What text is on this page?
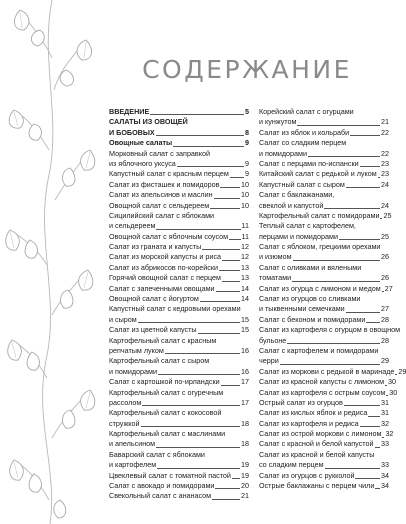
СОДЕРЖАНИЕ
ВВЕДЕНИЕ	5
САЛАТЫ ИЗ ОВОЩЕЙ
И БОБОВЫХ	8
Овощные салаты	9
Морковный салат с заправкой
из яблочного уксуса	9
Капустный салат с красным перцем 9
Салат из фисташек и помидоров	10
Салат из апельсинов и маслин	10
Овощной салат с сельдереем	10
Сицилийский салат с яблоками
и сельдереем	11
Овощной салат с яблочным соусом 11
Салат из граната и капусты	12
Салат из морской капусты и риса	12
Салат из абрикосов по-корейски	13
Горячий овощной салат с перцем	13
Салат с запеченными овощами	14
Овощной салат с йогуртом	14
Капустный салат с кедровыми орехами
и сыром	15
Салат из цветной капусты	15
Картофельный салат с красным
репчатым луком	16
Картофельный салат с сыром
и помидорами	16
Салат с картошкой по-ирландски	17
Картофельный салат с огуречным
рассолом	17
Картофельный салат с кокосовой
стружкой	18
Картофельный салат с маслинами
и апельсином	18
Баварский салат с яблоками
и картофелем	19
Цвеклевый салат с томатной пастой 19
Салат с авокадо и помидорами	20
Свекольный салат с ананасом	21
Корейский салат с огурцами
и кунжутом	21
Салат из яблок и кольраби	22
Салат со сладким перцем
и помидорами	22
Салат с перцами по-испански	23
Китайский салат с редькой и луком 23
Капустный салат с сыром	24
Салат с баклажанами,
свеклой и капустой	24
Картофельный салат с помидорами 25
Теплый салат с картофелем,
перцами и помидорами	25
Салат с яблоком, грецкими орехами
и изюмом	26
Салат с оливками и вялеными
томатами	26
Салат из огурца с лимоном и медом 27
Салат из огурцов со сливками
и тыквенными семечками	27
Салат с беконом и помидорами 28
Салат из картофеля с огурцом в овощном
бульоне	28
Салат с картофелем и помидорами
черри	29
Салат из моркови с редькой в маринаде 29
Салат из красной капусты с лимоном 30
Салат из картофеля с острым соусом 30
Острый салат из огурцов	31
Салат из кислых яблок и редиса 31
Салат из картофеля и редиса	32
Салат из острой моркови с лимоном 32
Салат с красной и белой капустой 33
Салат из красной и белой капусты
со сладким перцем	33
Салат из огурцов с рукколой	34
Острые баклажаны с перцем чили 34
